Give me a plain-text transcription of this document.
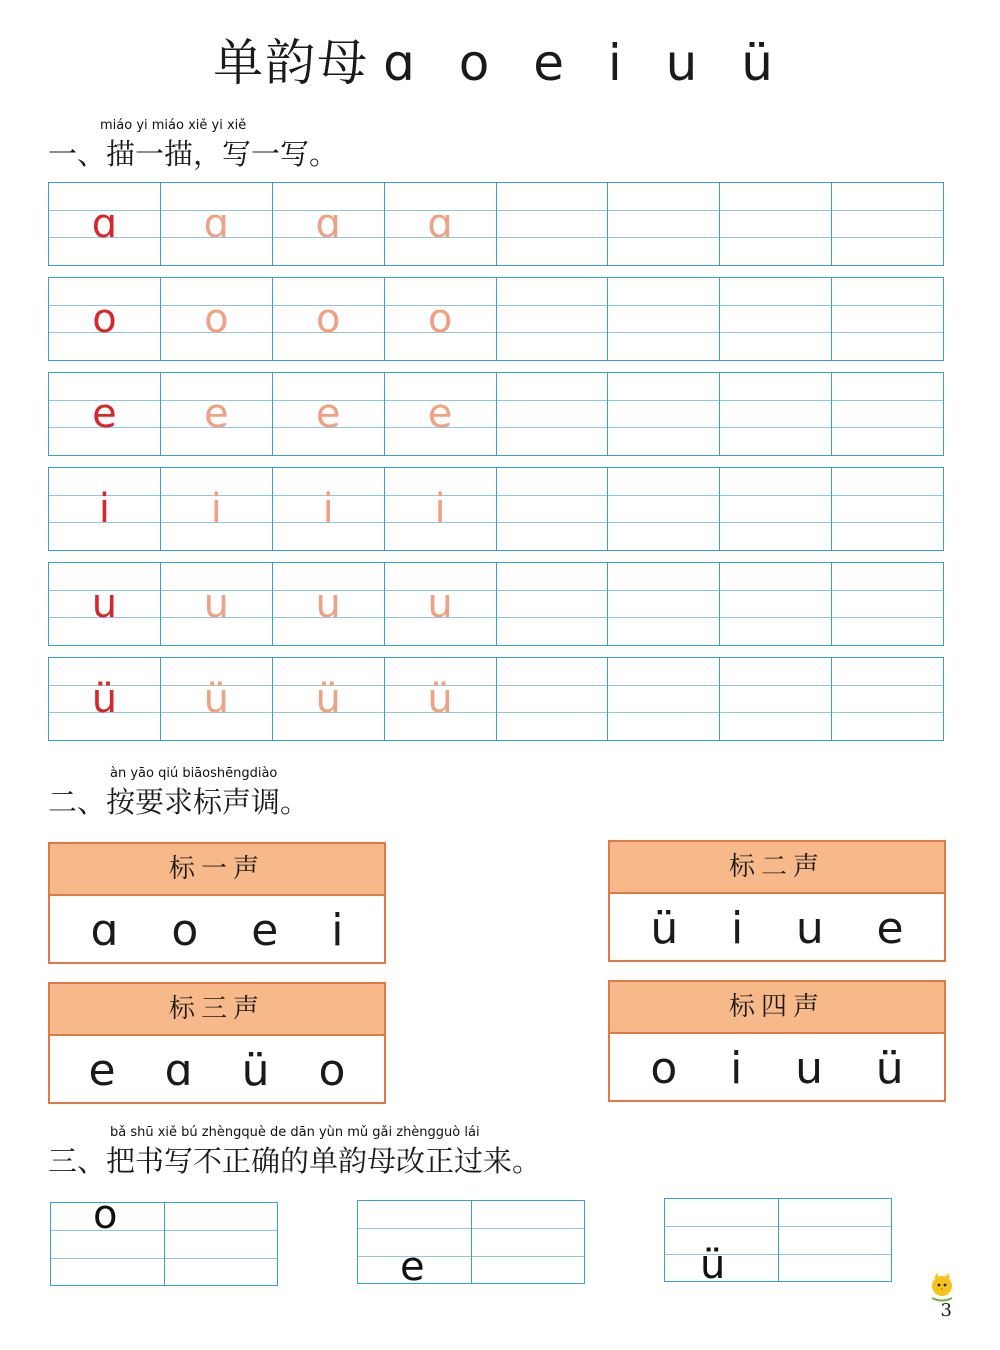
单韵母 ɑ o e i u ü
miáo yi miáo xiě yi xiě
一、描一描，写一写。
ɑ	ɑ	ɑ	ɑ
o	o	o	o
e	e	e	e
i	i	i	i
u	u	u	u
ü	ü	ü	ü
àn yāo qiú biāoshēngdiào
二、按要求标声调。
标一声
ɑ o e i
标二声
ü i u e
标三声
e ɑ ü o
标四声
o i u ü
bǎ shū xiě bú zhèngquè de dān yùn mǔ gǎi zhèngguò lái
三、把书写不正确的单韵母改正过来。
o
e	ü
3
